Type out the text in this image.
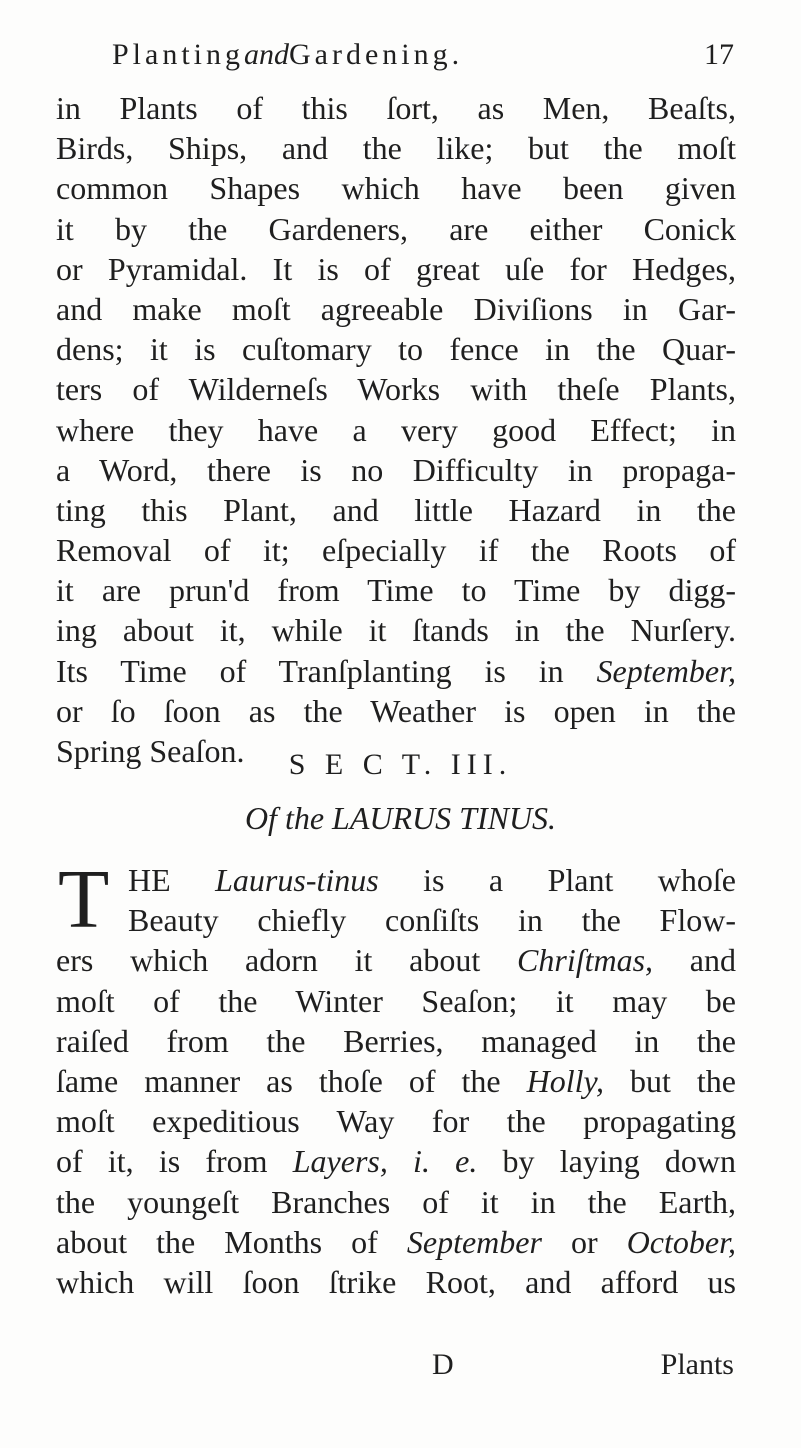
PlantingandGardening.	17
in Plants of this ſort, as Men, Beaſts,
Birds, Ships, and the like; but the moſt
common Shapes which have been given
it by the Gardeners, are either Conick
or Pyramidal. It is of great uſe for Hedges,
and make moſt agreeable Diviſions in Gar-
dens; it is cuſtomary to fence in the Quar-
ters of Wilderneſs Works with theſe Plants,
where they have a very good Effect; in
a Word, there is no Difficulty in propaga-
ting this Plant, and little Hazard in the
Removal of it; eſpecially if the Roots of
it are prun'd from Time to Time by digg-
ing about it, while it ſtands in the Nurſery.
Its Time of Tranſplanting is in September,
or ſo ſoon as the Weather is open in the
Spring Seaſon.	S E C T. III.
Of the LAURUS TINUS.
T HE Laurus-tinus is a Plant whoſe
Beauty chiefly conſiſts in the Flow-
ers which adorn it about Chriſtmas, and
moſt of the Winter Seaſon; it may be
raiſed from the Berries, managed in the
ſame manner as thoſe of the Holly, but the
moſt expeditious Way for the propagating
of it, is from Layers, i. e. by laying down
the youngeſt Branches of it in the Earth,
about the Months of September or October,
which will ſoon ſtrike Root, and afford us
D	Plants
